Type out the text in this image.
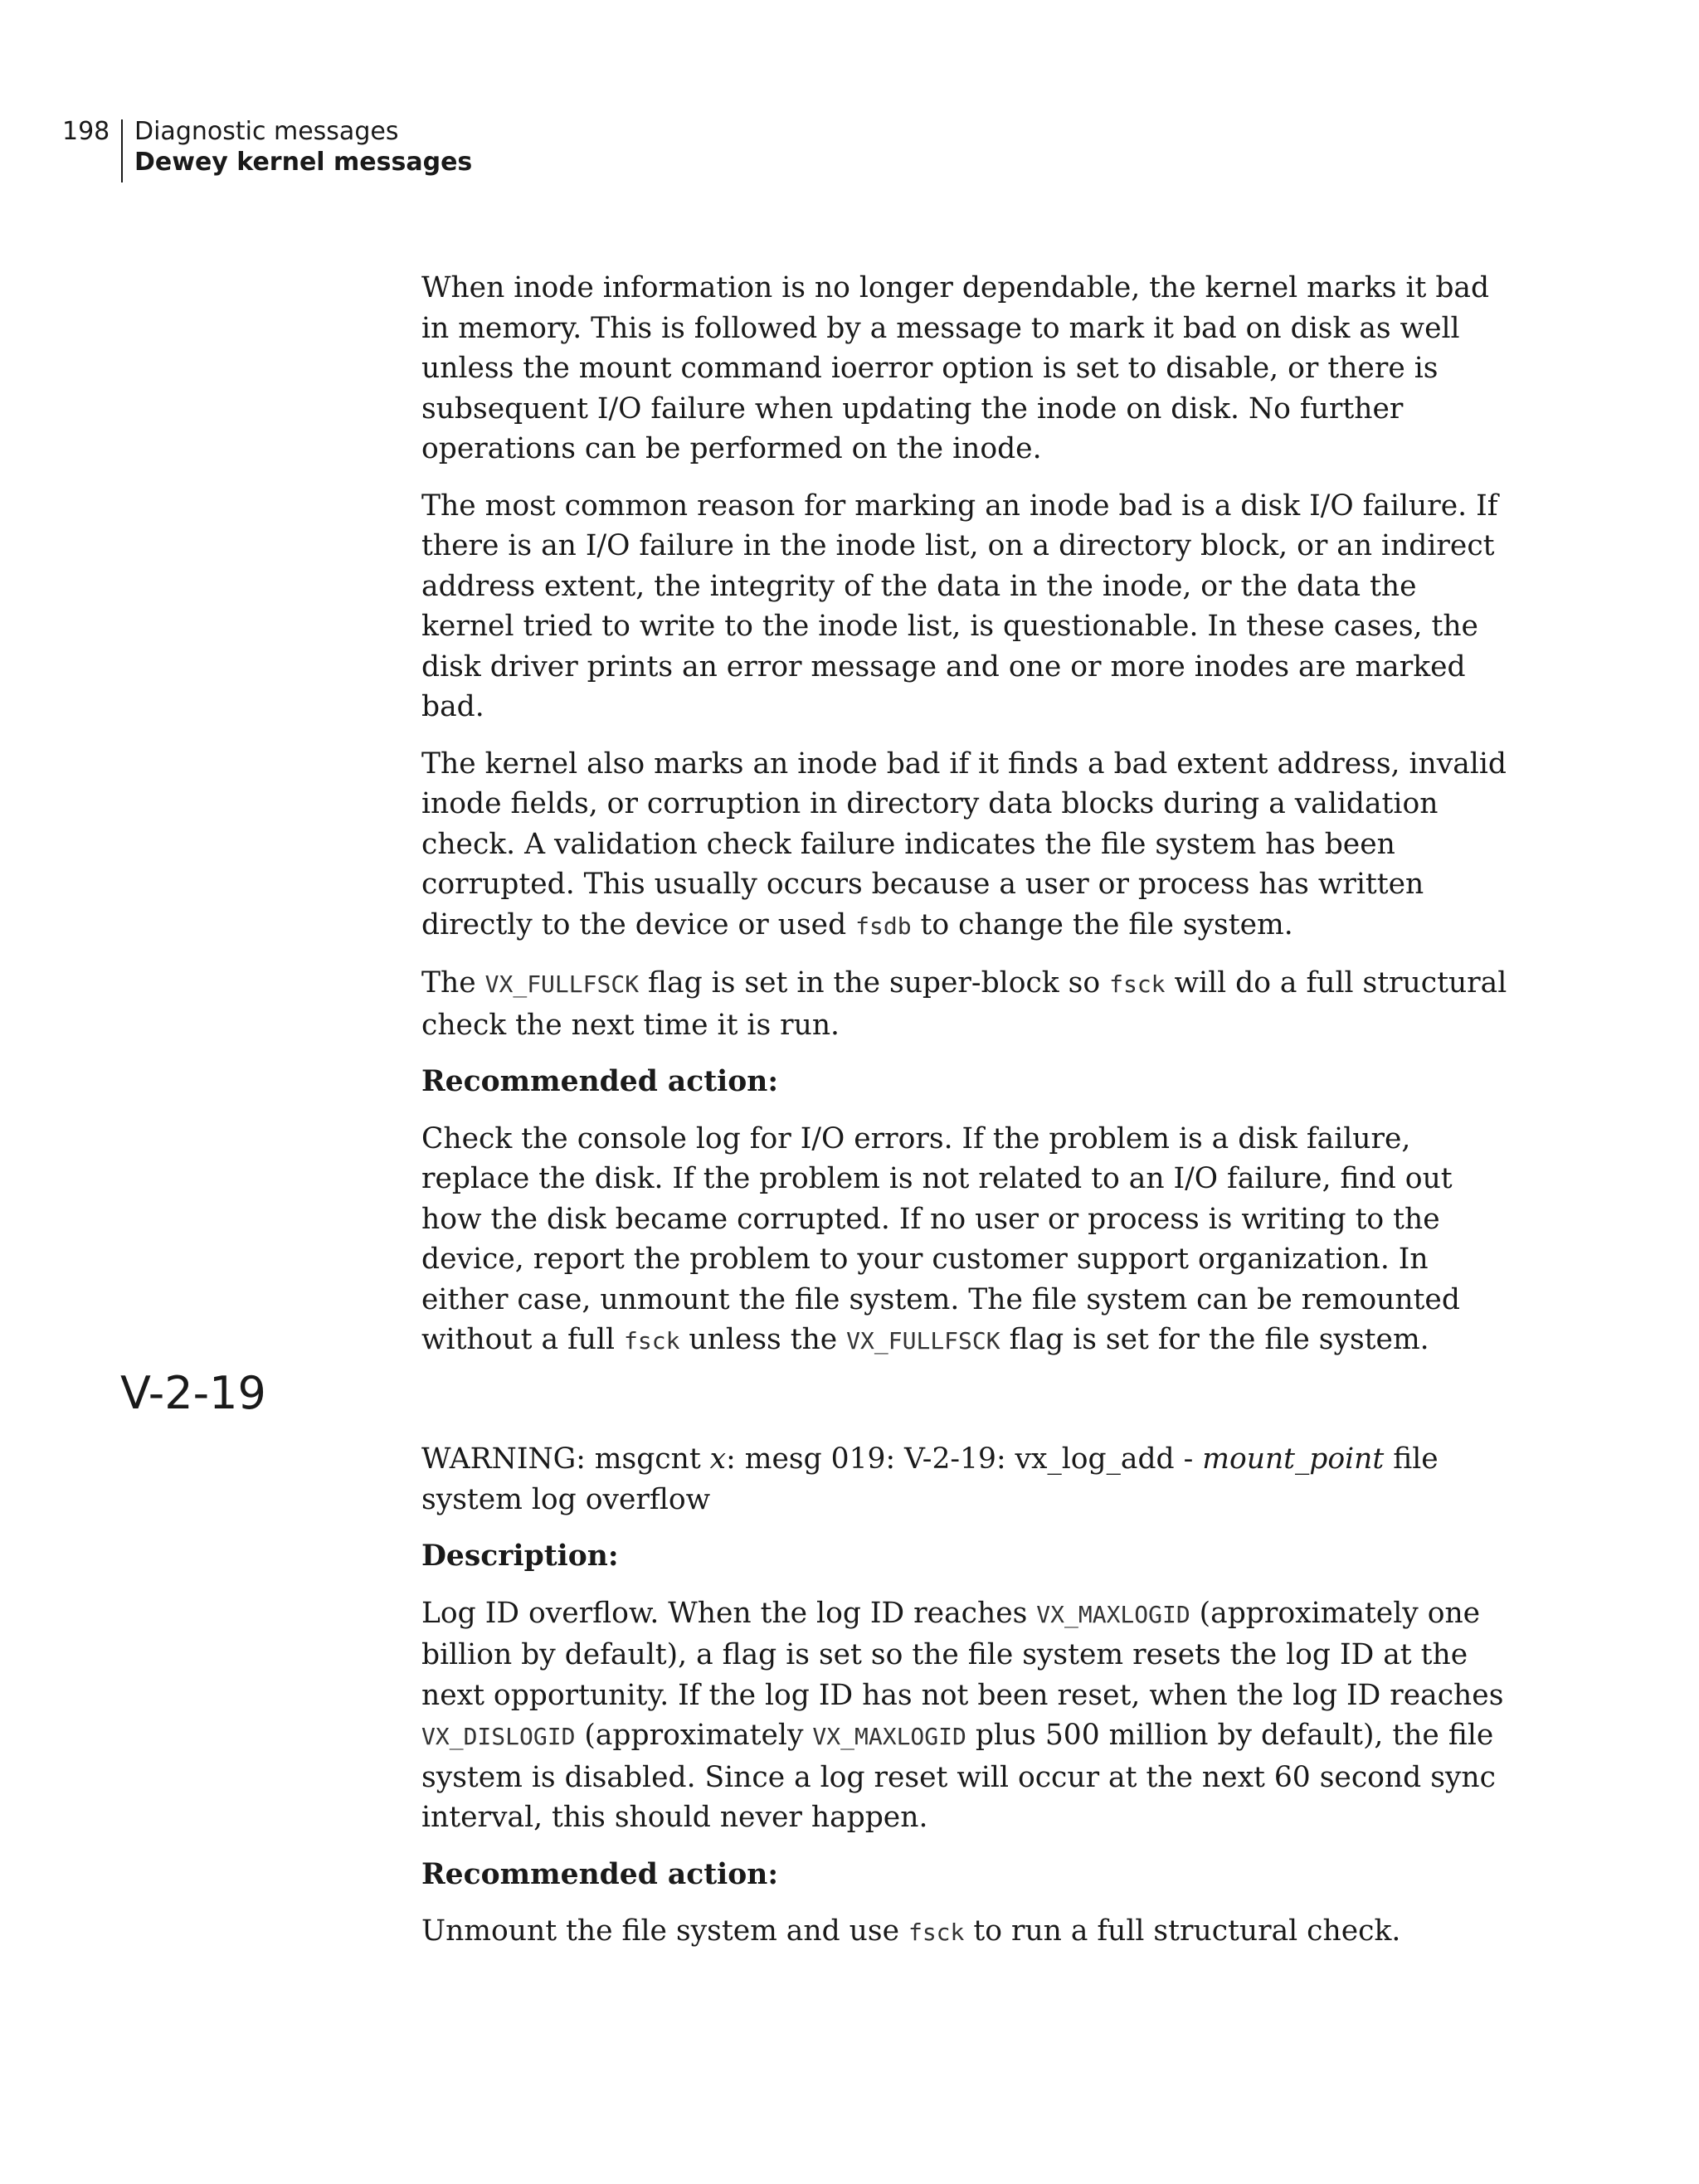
198 Diagnostic messages
Dewey kernel messages

When inode information is no longer dependable, the kernel marks it bad in memory. This is followed by a message to mark it bad on disk as well unless the mount command ioerror option is set to disable, or there is subsequent I/O failure when updating the inode on disk. No further operations can be performed on the inode.

The most common reason for marking an inode bad is a disk I/O failure. If there is an I/O failure in the inode list, on a directory block, or an indirect address extent, the integrity of the data in the inode, or the data the kernel tried to write to the inode list, is questionable. In these cases, the disk driver prints an error message and one or more inodes are marked bad.

The kernel also marks an inode bad if it finds a bad extent address, invalid inode fields, or corruption in directory data blocks during a validation check. A validation check failure indicates the file system has been corrupted. This usually occurs because a user or process has written directly to the device or used fsdb to change the file system.

The VX_FULLFSCK flag is set in the super-block so fsck will do a full structural check the next time it is run.

Recommended action:

Check the console log for I/O errors. If the problem is a disk failure, replace the disk. If the problem is not related to an I/O failure, find out how the disk became corrupted. If no user or process is writing to the device, report the problem to your customer support organization. In either case, unmount the file system. The file system can be remounted without a full fsck unless the VX_FULLFSCK flag is set for the file system.

V-2-19

WARNING: msgcnt x: mesg 019: V-2-19: vx_log_add - mount_point file system log overflow

Description:

Log ID overflow. When the log ID reaches VX_MAXLOGID (approximately one billion by default), a flag is set so the file system resets the log ID at the next opportunity. If the log ID has not been reset, when the log ID reaches VX_DISLOGID (approximately VX_MAXLOGID plus 500 million by default), the file system is disabled. Since a log reset will occur at the next 60 second sync interval, this should never happen.

Recommended action:

Unmount the file system and use fsck to run a full structural check.
